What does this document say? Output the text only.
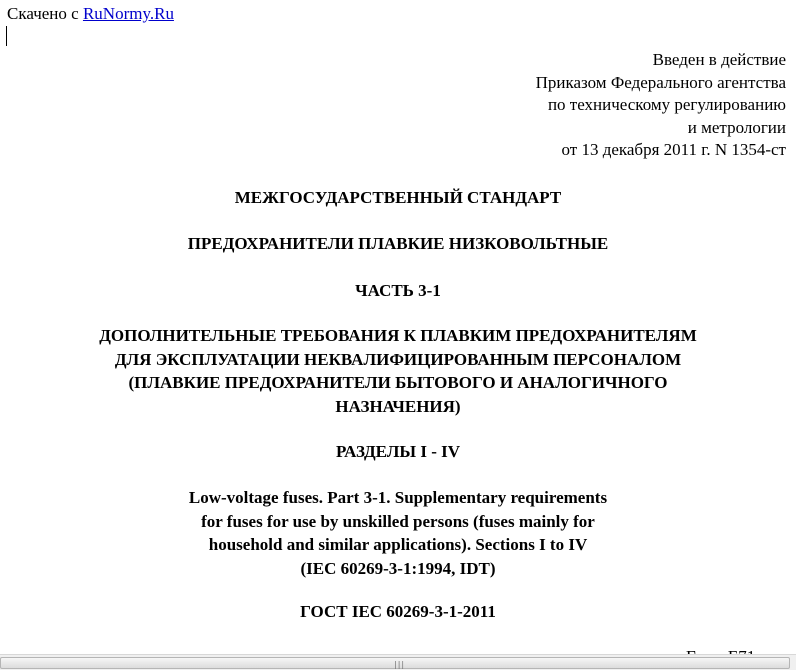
Скачено с RuNormy.Ru
Введен в действие
Приказом Федерального агентства
по техническому регулированию
и метрологии
от 13 декабря 2011 г. N 1354-ст
МЕЖГОСУДАРСТВЕННЫЙ СТАНДАРТ
ПРЕДОХРАНИТЕЛИ ПЛАВКИЕ НИЗКОВОЛЬТНЫЕ
ЧАСТЬ 3-1
ДОПОЛНИТЕЛЬНЫЕ ТРЕБОВАНИЯ К ПЛАВКИМ ПРЕДОХРАНИТЕЛЯМ
ДЛЯ ЭКСПЛУАТАЦИИ НЕКВАЛИФИЦИРОВАННЫМ ПЕРСОНАЛОМ
(ПЛАВКИЕ ПРЕДОХРАНИТЕЛИ БЫТОВОГО И АНАЛОГИЧНОГО
НАЗНАЧЕНИЯ)
РАЗДЕЛЫ I - IV
Low-voltage fuses. Part 3-1. Supplementary requirements
for fuses for use by unskilled persons (fuses mainly for
household and similar applications). Sections I to IV
(IEC 60269-3-1:1994, IDT)
ГОСТ IEC 60269-3-1-2011
|||
